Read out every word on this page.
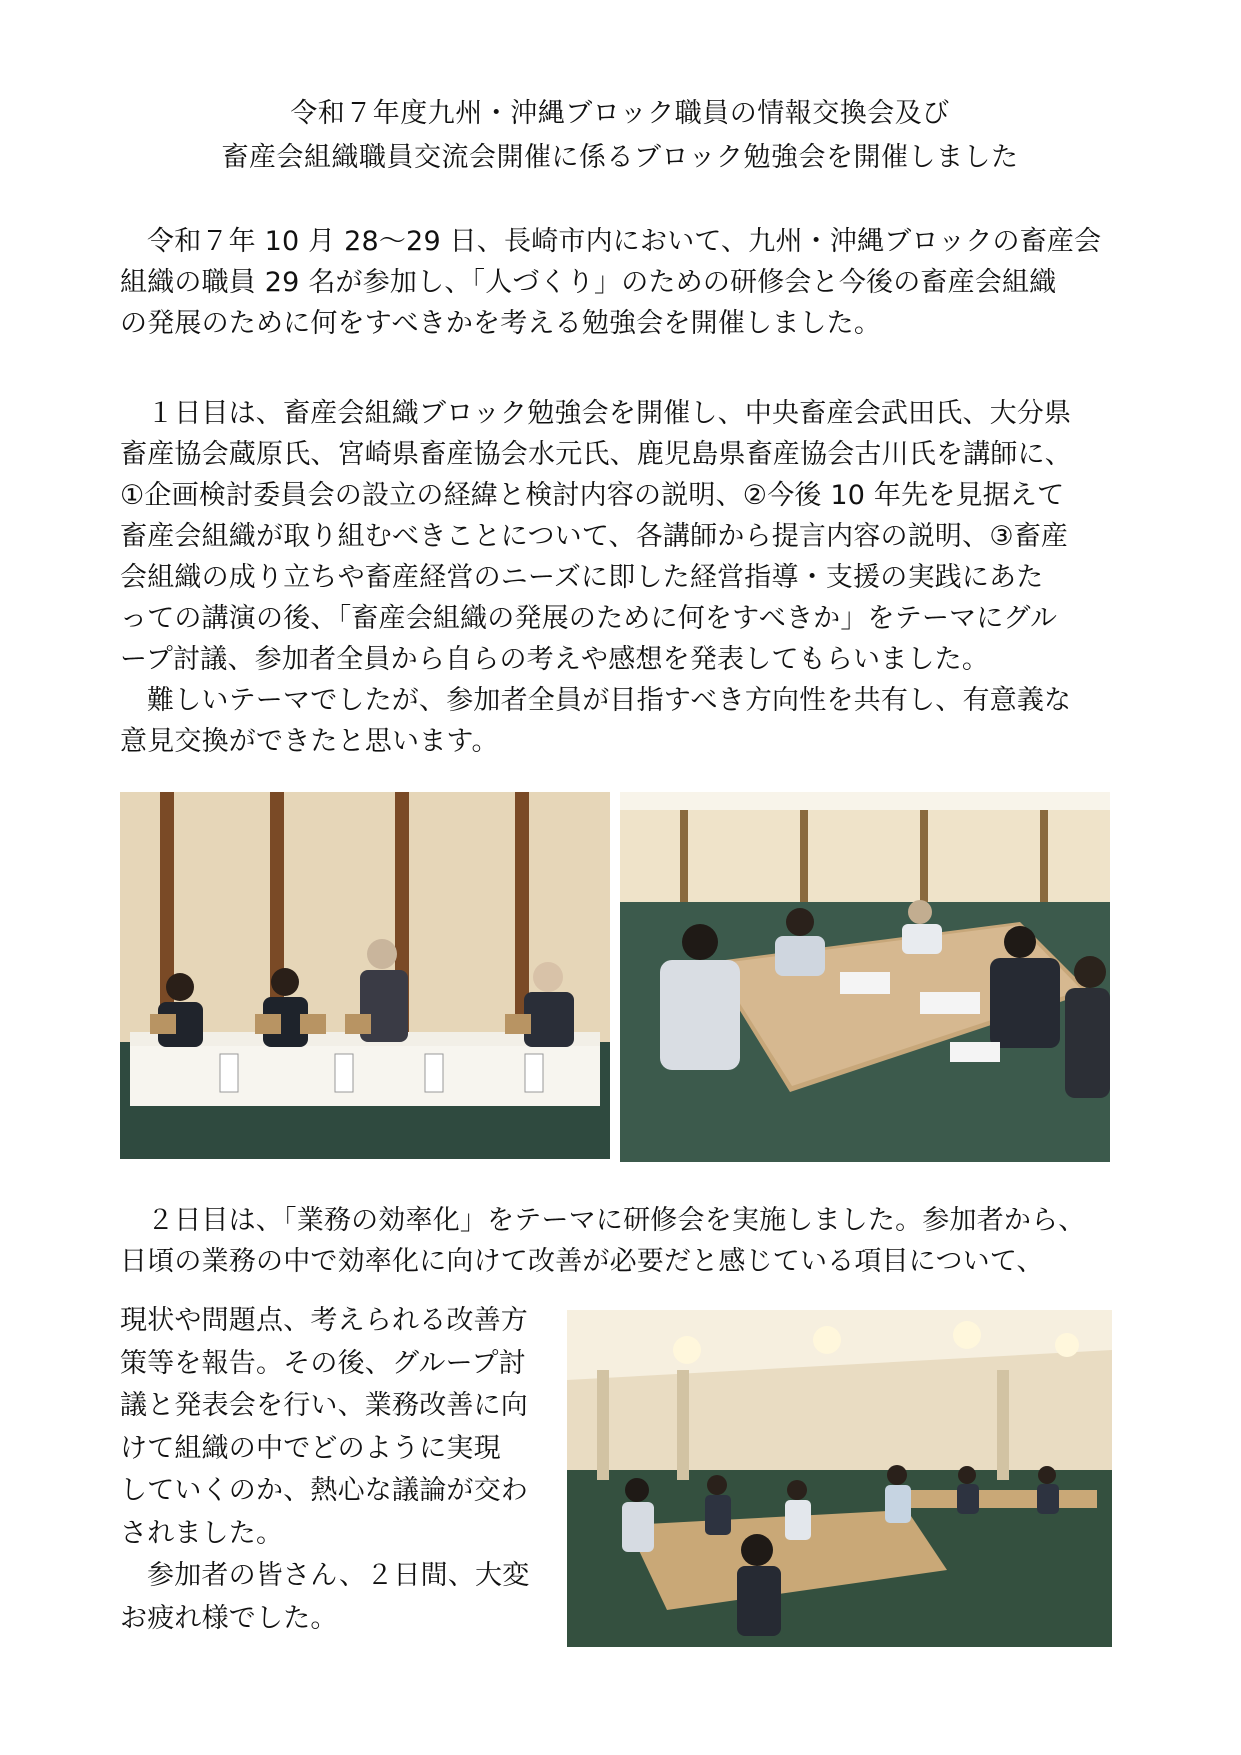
令和７年度九州・沖縄ブロック職員の情報交換会及び
畜産会組織職員交流会開催に係るブロック勉強会を開催しました
令和７年 10 月 28〜29 日、長崎市内において、九州・沖縄ブロックの畜産会
組織の職員 29 名が参加し、「人づくり」のための研修会と今後の畜産会組織
の発展のために何をすべきかを考える勉強会を開催しました。
１日目は、畜産会組織ブロック勉強会を開催し、中央畜産会武田氏、大分県
畜産協会蔵原氏、宮崎県畜産協会水元氏、鹿児島県畜産協会古川氏を講師に、
①企画検討委員会の設立の経緯と検討内容の説明、②今後 10 年先を見据えて
畜産会組織が取り組むべきことについて、各講師から提言内容の説明、③畜産
会組織の成り立ちや畜産経営のニーズに即した経営指導・支援の実践にあた
っての講演の後、「畜産会組織の発展のために何をすべきか」をテーマにグル
ープ討議、参加者全員から自らの考えや感想を発表してもらいました。
難しいテーマでしたが、参加者全員が目指すべき方向性を共有し、有意義な
意見交換ができたと思います。
２日目は、「業務の効率化」をテーマに研修会を実施しました。参加者から、
日頃の業務の中で効率化に向けて改善が必要だと感じている項目について、
現状や問題点、考えられる改善方
策等を報告。その後、グループ討
議と発表会を行い、業務改善に向
けて組織の中でどのように実現
していくのか、熱心な議論が交わ
されました。
参加者の皆さん、２日間、大変
お疲れ様でした。
